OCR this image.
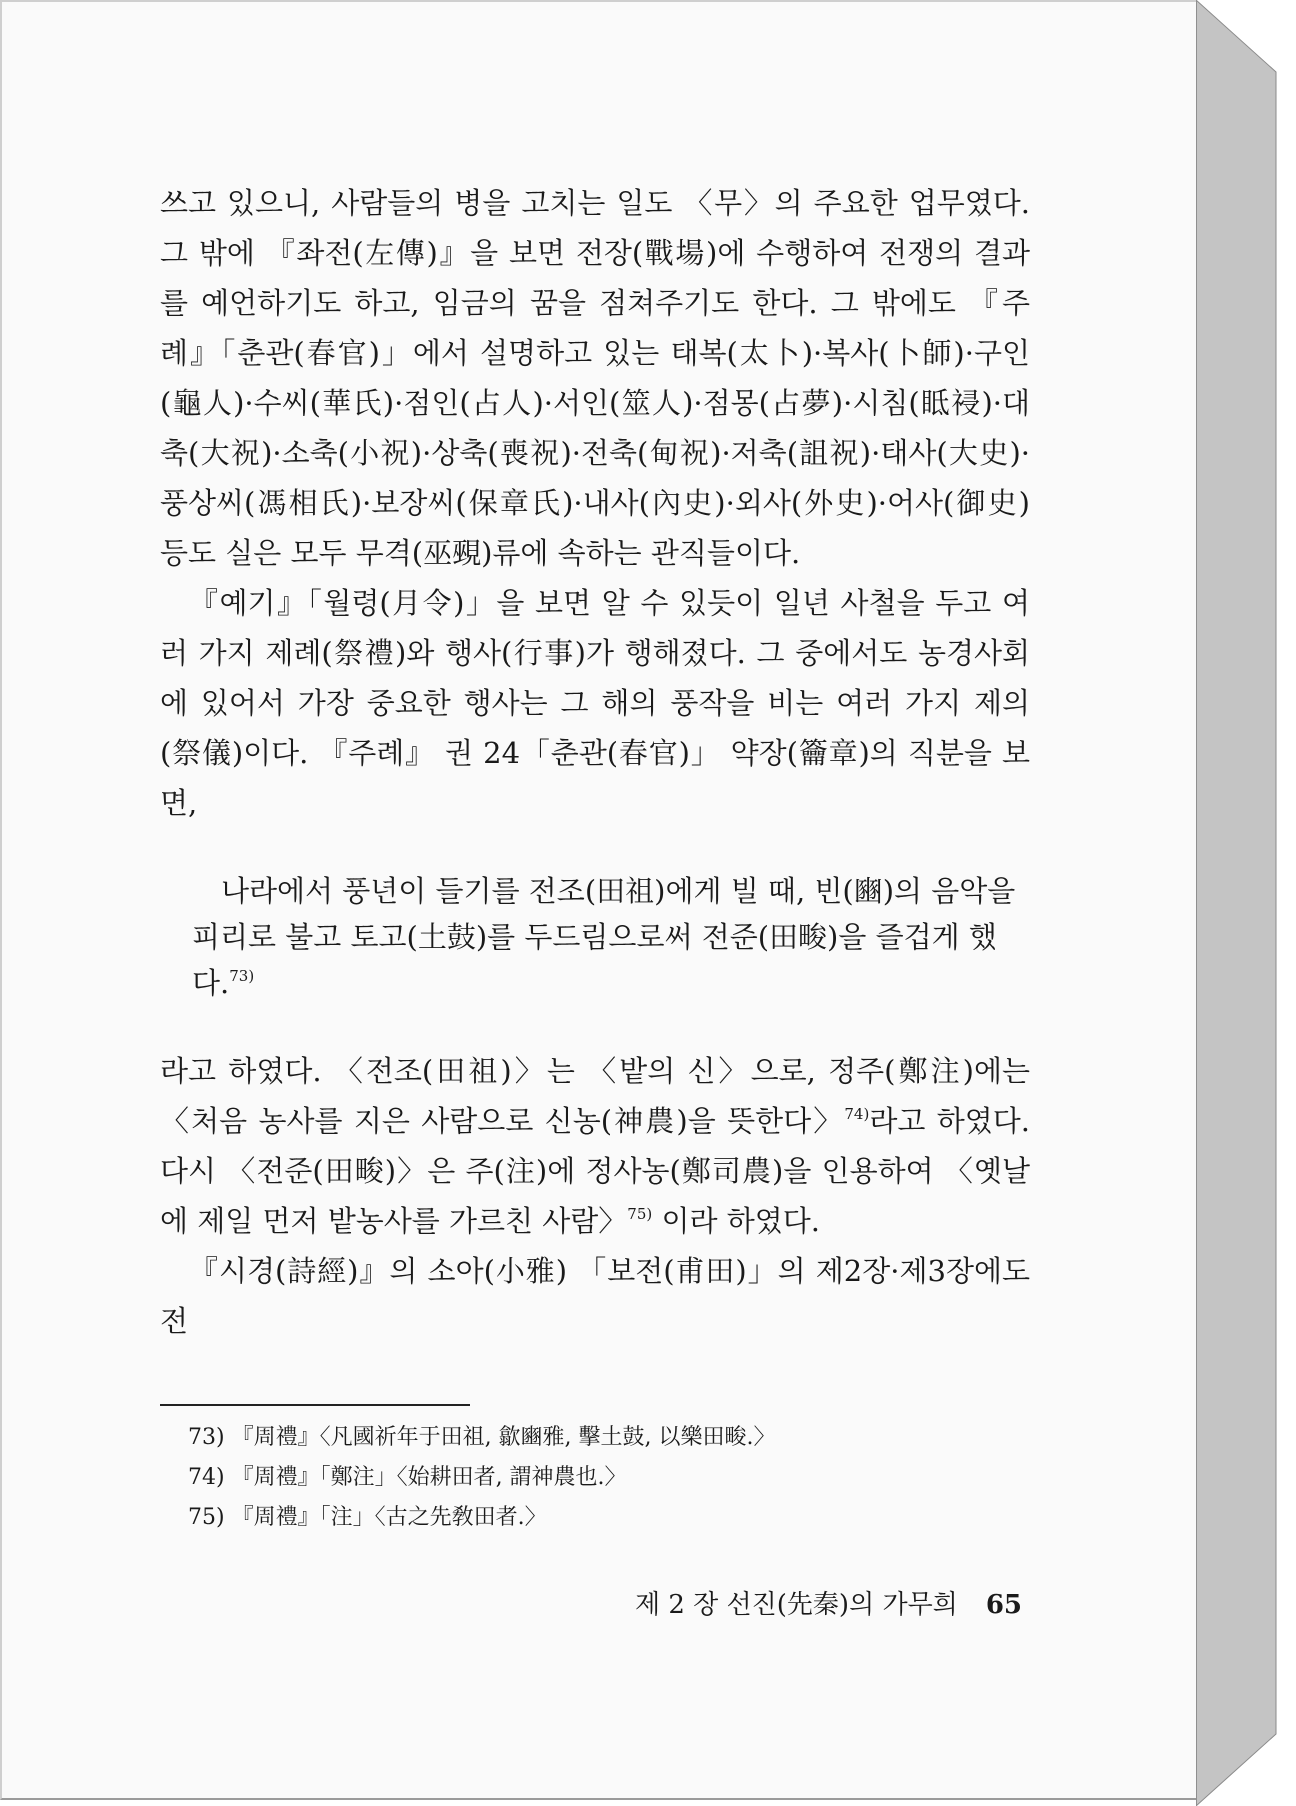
쓰고 있으니, 사람들의 병을 고치는 일도 〈무〉의 주요한 업무였다. 그 밖에 『좌전(左傳)』을 보면 전장(戰場)에 수행하여 전쟁의 결과를 예언하기도 하고, 임금의 꿈을 점쳐주기도 한다. 그 밖에도 『주례』「춘관(春官)」에서 설명하고 있는 태복(太卜)·복사(卜師)·구인(龜人)·수씨(華氏)·점인(占人)·서인(筮人)·점몽(占夢)·시침(眡祲)·대축(大祝)·소축(小祝)·상축(喪祝)·전축(甸祝)·저축(詛祝)·태사(大史)·풍상씨(馮相氏)·보장씨(保章氏)·내사(內史)·외사(外史)·어사(御史) 등도 실은 모두 무격(巫覡)류에 속하는 관직들이다.

『예기』「월령(月令)」을 보면 알 수 있듯이 일년 사철을 두고 여러 가지 제례(祭禮)와 행사(行事)가 행해졌다. 그 중에서도 농경사회에 있어서 가장 중요한 행사는 그 해의 풍작을 비는 여러 가지 제의(祭儀)이다. 『주례』 권 24「춘관(春官)」 약장(籥章)의 직분을 보면,

나라에서 풍년이 들기를 전조(田祖)에게 빌 때, 빈(豳)의 음악을 피리로 불고 토고(土鼓)를 두드림으로써 전준(田畯)을 즐겁게 했다.$^{73)}$

라고 하였다. 〈전조(田祖)〉는 〈밭의 신〉으로, 정주(鄭注)에는 〈처음 농사를 지은 사람으로 신농(神農)을 뜻한다〉$^{74)}$라고 하였다. 다시 〈전준(田畯)〉은 주(注)에 정사농(鄭司農)을 인용하여 〈옛날에 제일 먼저 밭농사를 가르친 사람〉$^{75)}$ 이라 하였다.

『시경(詩經)』의 소아(小雅) 「보전(甫田)」의 제2장·제3장에도 전

73) 『周禮』〈凡國祈年于田祖, 歙豳雅, 擊土鼓, 以樂田畯.〉
74) 『周禮』「鄭注」〈始耕田者, 謂神農也.〉
75) 『周禮』「注」〈古之先敎田者.〉
제 2 장 선진(先秦)의 가무희 65
